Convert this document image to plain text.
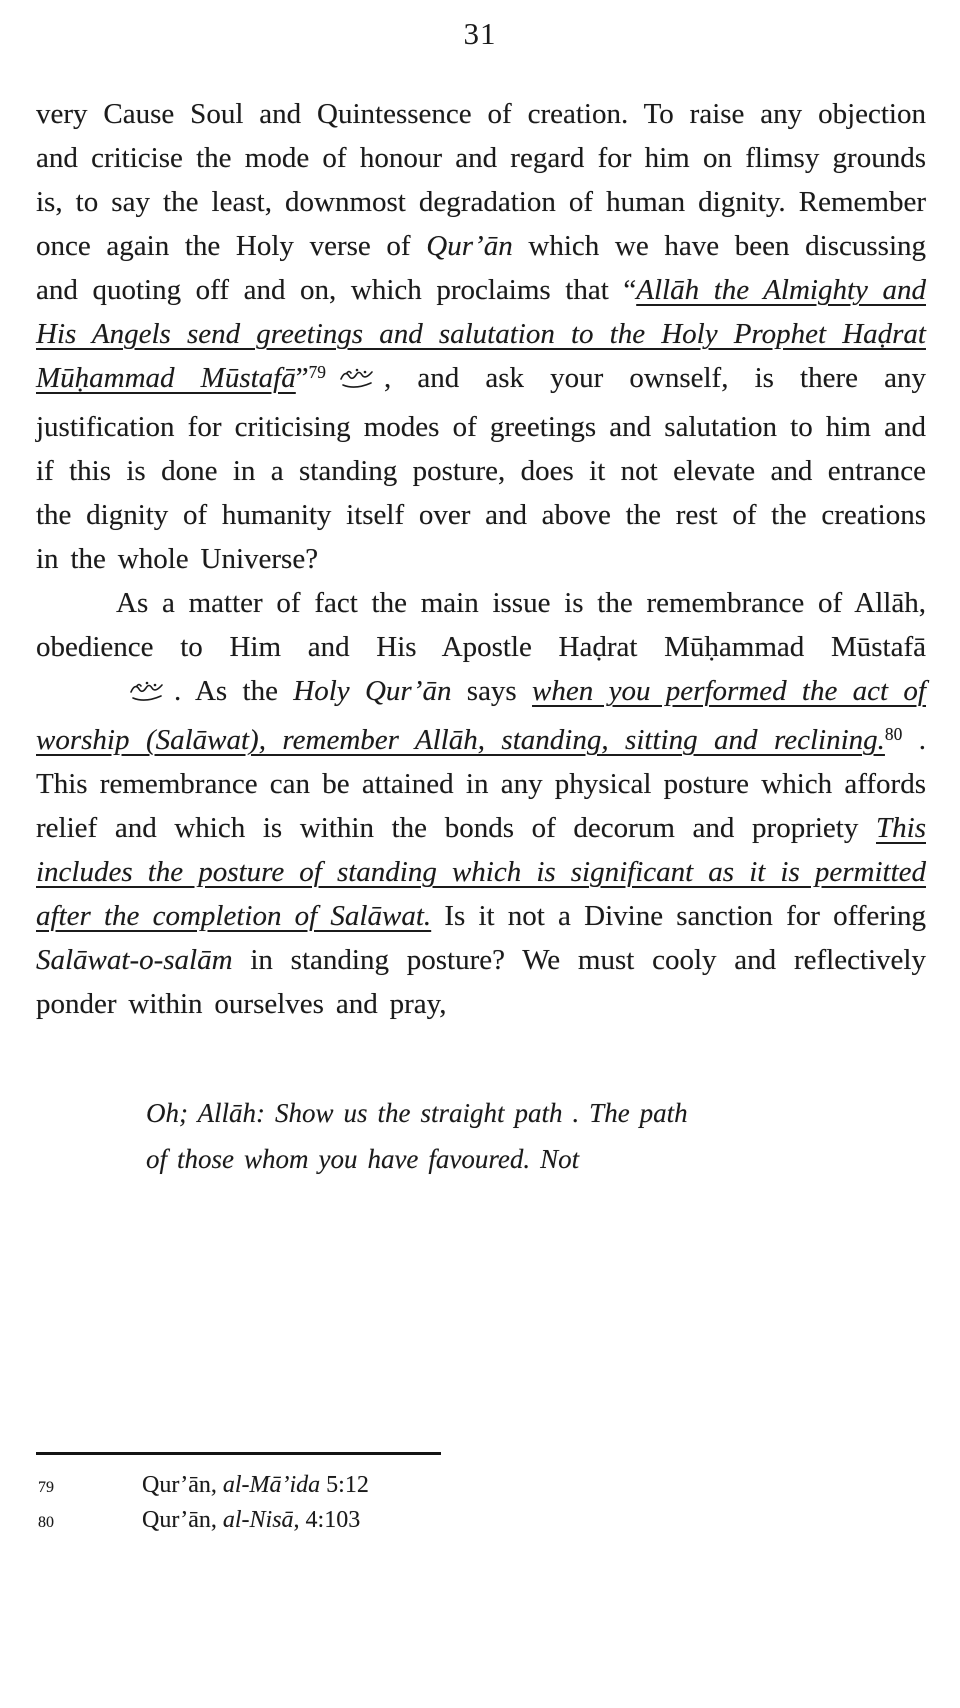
31

very Cause Soul and Quintessence of creation. To raise any objection and criticise the mode of honour and regard for him on flimsy grounds is, to say the least, downmost degradation of human dignity. Remember once again the Holy verse of Qur’ān which we have been discussing and quoting off and on, which proclaims that “Allāh the Almighty and His Angels send greetings and salutation to the Holy Prophet Haḍrat Mūḥammad Mūstafā”$^{79}$ , and ask your ownself, is there any justification for criticising modes of greetings and salutation to him and if this is done in a standing posture, does it not elevate and entrance the dignity of humanity itself over and above the rest of the creations in the whole Universe?

As a matter of fact the main issue is the remembrance of Allāh, obedience to Him and His Apostle Haḍrat Mūḥammad Mūstafā. As the Holy Qur’ān says when you performed the act of worship (Salāwat), remember Allāh, standing, sitting and reclining.$^{80}$ . This remembrance can be attained in any physical posture which affords relief and which is within the bonds of decorum and propriety This includes the posture of standing which is significant as it is permitted after the completion of Salāwat. Is it not a Divine sanction for offering Salāwat-o-salām in standing posture? We must cooly and reflectively ponder within ourselves and pray,

Oh; Allāh: Show us the straight path . The path of those whom you have favoured. Not
79	Qur’ān, al-Mā’ida 5:12
80	Qur’ān, al-Nisā, 4:103
